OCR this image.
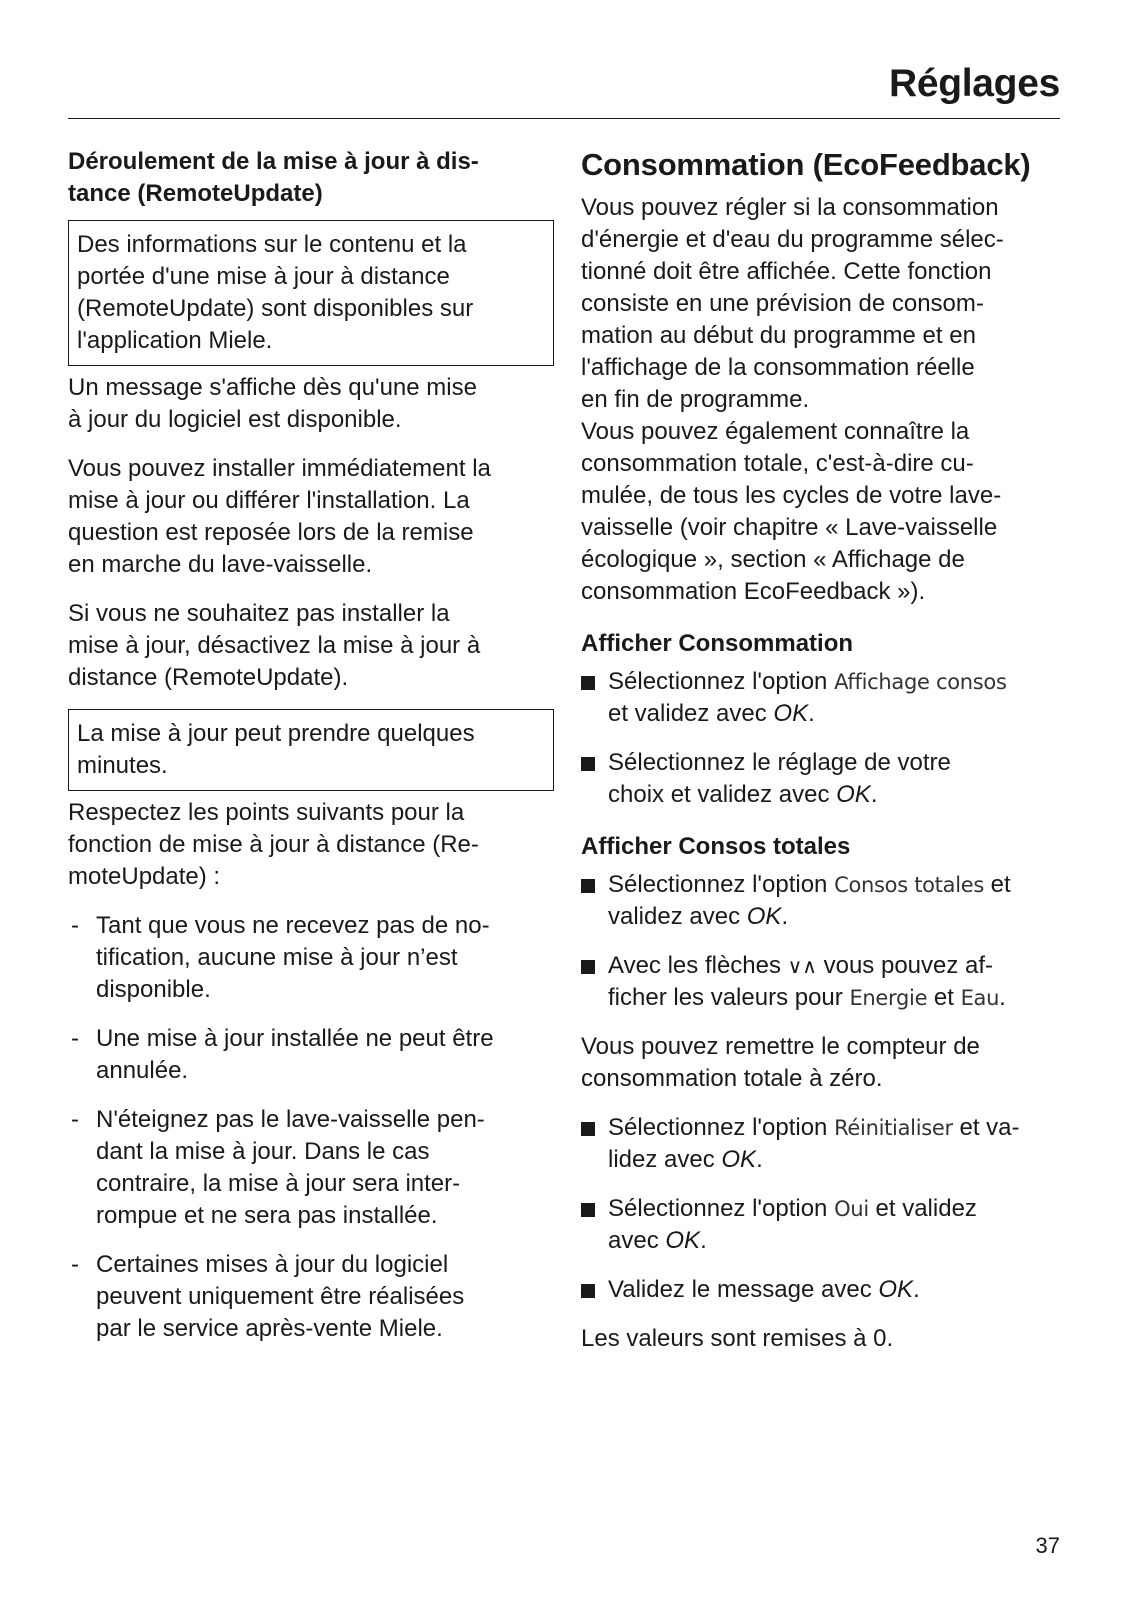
Réglages
Déroulement de la mise à jour à dis-
tance (RemoteUpdate)
Des informations sur le contenu et la
portée d'une mise à jour à distance
(RemoteUpdate) sont disponibles sur
l'application Miele.

Un message s'affiche dès qu'une mise
à jour du logiciel est disponible.

Vous pouvez installer immédiatement la
mise à jour ou différer l'installation. La
question est reposée lors de la remise
en marche du lave-vaisselle.

Si vous ne souhaitez pas installer la
mise à jour, désactivez la mise à jour à
distance (RemoteUpdate).

La mise à jour peut prendre quelques
minutes.

Respectez les points suivants pour la
fonction de mise à jour à distance (Re-
moteUpdate) :

- Tant que vous ne recevez pas de no-
tification, aucune mise à jour n’est
disponible.
- Une mise à jour installée ne peut être
annulée.
- N'éteignez pas le lave-vaisselle pen-
dant la mise à jour. Dans le cas
contraire, la mise à jour sera inter-
rompue et ne sera pas installée.
- Certaines mises à jour du logiciel
peuvent uniquement être réalisées
par le service après-vente Miele.
Consommation (EcoFeedback)

Vous pouvez régler si la consommation
d'énergie et d'eau du programme sélec-
tionné doit être affichée. Cette fonction
consiste en une prévision de consom-
mation au début du programme et en
l'affichage de la consommation réelle
en fin de programme.
Vous pouvez également connaître la
consommation totale, c'est-à-dire cu-
mulée, de tous les cycles de votre lave-
vaisselle (voir chapitre « Lave-vaisselle
écologique », section « Affichage de
consommation EcoFeedback »).

Afficher Consommation
Sélectionnez l'option Affichage consos
et validez avec OK.
Sélectionnez le réglage de votre
choix et validez avec OK.
Afficher Consos totales
Sélectionnez l'option Consos totales et
validez avec OK.
Avec les flèches ∨∧ vous pouvez af-
ficher les valeurs pour Energie et Eau.

Vous pouvez remettre le compteur de
consommation totale à zéro.

Sélectionnez l'option Réinitialiser et va-
lidez avec OK.
Sélectionnez l'option Oui et validez
avec OK.
Validez le message avec OK.

Les valeurs sont remises à 0.

37
